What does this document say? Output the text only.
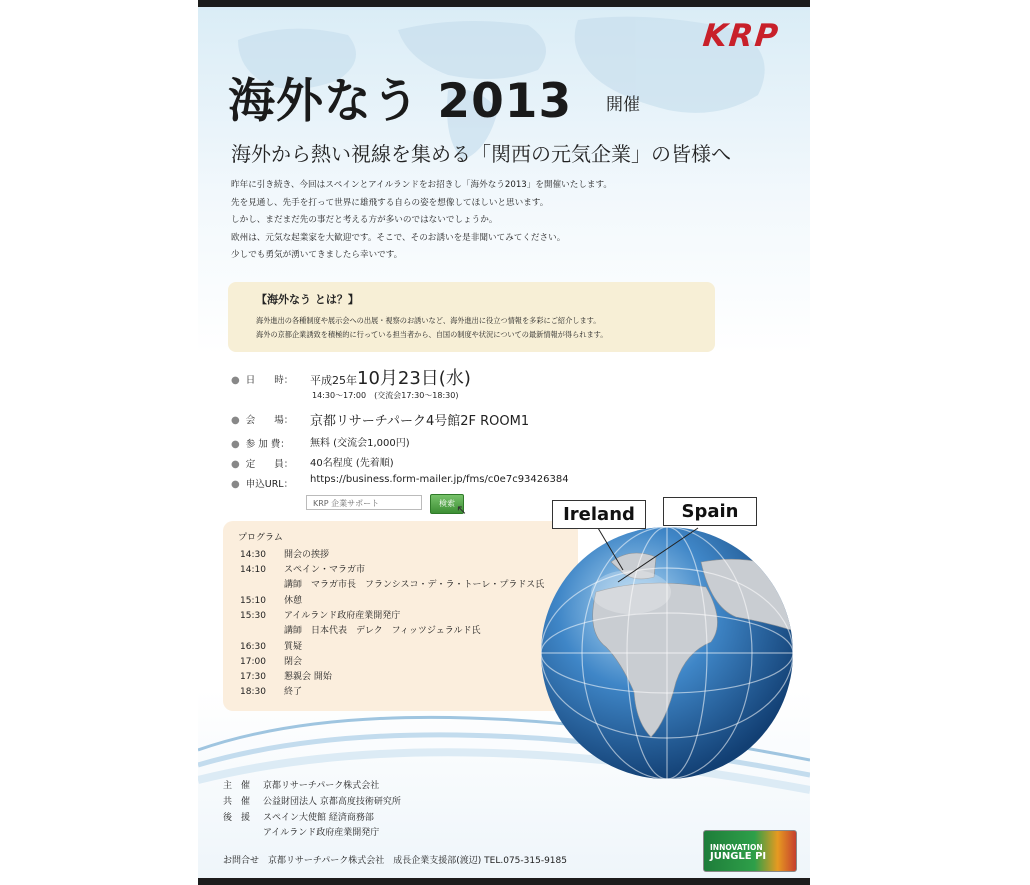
KRP
海外なう 2013 開催
海外から熱い視線を集める「関西の元気企業」の皆様へ
昨年に引き続き、今回はスペインとアイルランドをお招きし「海外なう2013」を開催いたします。
先を見通し、先手を打って世界に雄飛する自らの姿を想像してほしいと思います。
しかし、まだまだ先の事だと考える方が多いのではないでしょうか。
欧州は、元気な起業家を大歓迎です。そこで、そのお誘いを是非聞いてみてください。
少しでも勇気が湧いてきましたら幸いです。
【海外なう とは？】
海外進出の各種制度や展示会への出展・視察のお誘いなど、海外進出に役立つ情報を多彩にご紹介します。
海外の京都企業誘致を積極的に行っている担当者から、自国の制度や状況についての最新情報が得られます。
● 日　　時： 平成25年10月23日(水)
14:30～17:00　(交流会17:30～18:30)
● 会　　場： 京都リサーチパーク4号館2F ROOM1
● 参 加 費： 無料 (交流会1,000円)
● 定　　員： 40名程度 (先着順)
● 申込URL： https://business.form-mailer.jp/fms/c0e7c93426384
KRP 企業サポート	検索 ↖
プログラム
14:30 開会の挨拶
14:10 スペイン・マラガ市
講師　マラガ市長　フランシスコ・デ・ラ・トーレ・プラドス氏
15:10 休憩
15:30 アイルランド政府産業開発庁
講師　日本代表　デレク　フィッツジェラルド氏
16:30 質疑
17:00 閉会
17:30 懇親会 開始
18:30 終了
Ireland	Spain
主　催 京都リサーチパーク株式会社
共　催 公益財団法人 京都高度技術研究所
後　援 スペイン大使館 経済商務部
アイルランド政府産業開発庁
お問合せ　京都リサーチパーク株式会社　成長企業支援部(渡辺) TEL.075-315-9185
INNOVATION
JUNGLE PI
